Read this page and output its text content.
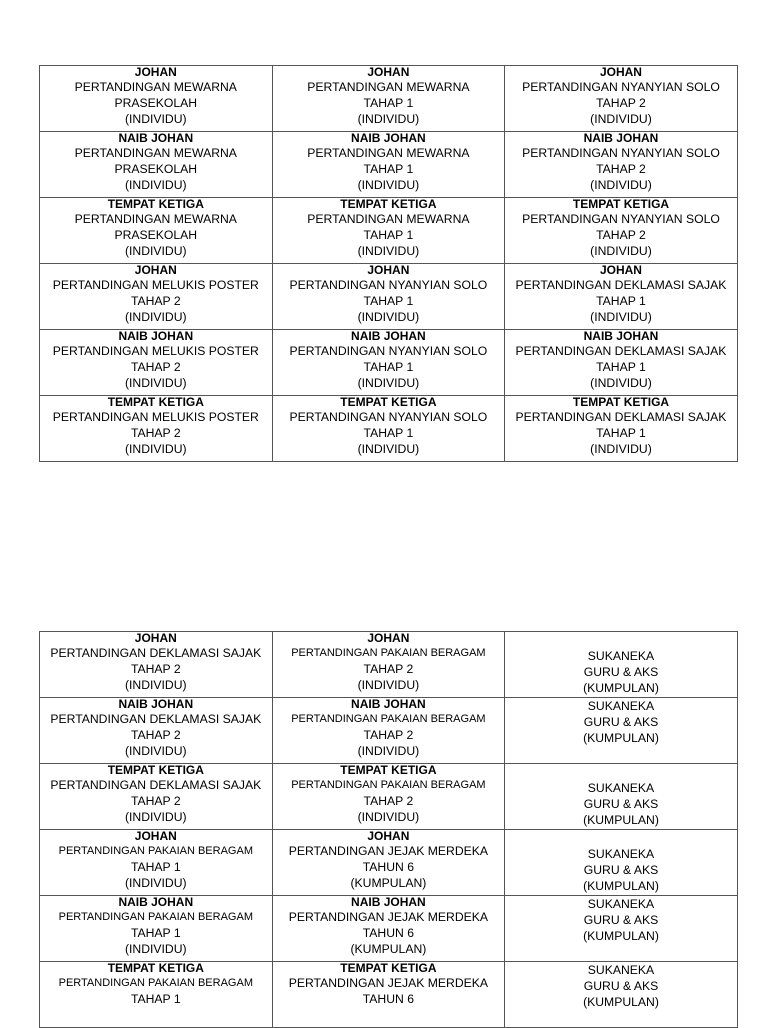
JOHAN
PERTANDINGAN MEWARNA
PRASEKOLAH
(INDIVIDU)	JOHAN
PERTANDINGAN MEWARNA
TAHAP 1
(INDIVIDU)	JOHAN
PERTANDINGAN NYANYIAN SOLO
TAHAP 2
(INDIVIDU)

NAIB JOHAN
PERTANDINGAN MEWARNA
PRASEKOLAH
(INDIVIDU)	NAIB JOHAN
PERTANDINGAN MEWARNA
TAHAP 1
(INDIVIDU)	NAIB JOHAN
PERTANDINGAN NYANYIAN SOLO
TAHAP 2
(INDIVIDU)

TEMPAT KETIGA
PERTANDINGAN MEWARNA
PRASEKOLAH
(INDIVIDU)	TEMPAT KETIGA
PERTANDINGAN MEWARNA
TAHAP 1
(INDIVIDU)	TEMPAT KETIGA
PERTANDINGAN NYANYIAN SOLO
TAHAP 2
(INDIVIDU)

JOHAN
PERTANDINGAN MELUKIS POSTER
TAHAP 2
(INDIVIDU)	JOHAN
PERTANDINGAN NYANYIAN SOLO
TAHAP 1
(INDIVIDU)	JOHAN
PERTANDINGAN DEKLAMASI SAJAK
TAHAP 1
(INDIVIDU)

NAIB JOHAN
PERTANDINGAN MELUKIS POSTER
TAHAP 2
(INDIVIDU)	NAIB JOHAN
PERTANDINGAN NYANYIAN SOLO
TAHAP 1
(INDIVIDU)	NAIB JOHAN
PERTANDINGAN DEKLAMASI SAJAK
TAHAP 1
(INDIVIDU)

TEMPAT KETIGA
PERTANDINGAN MELUKIS POSTER
TAHAP 2
(INDIVIDU)	TEMPAT KETIGA
PERTANDINGAN NYANYIAN SOLO
TAHAP 1
(INDIVIDU)	TEMPAT KETIGA
PERTANDINGAN DEKLAMASI SAJAK
TAHAP 1
(INDIVIDU)
JOHAN
PERTANDINGAN DEKLAMASI SAJAK
TAHAP 2
(INDIVIDU)	JOHAN
PERTANDINGAN PAKAIAN BERAGAM
TAHAP 2
(INDIVIDU)	SUKANEKA
GURU & AKS
(KUMPULAN)

NAIB JOHAN
PERTANDINGAN DEKLAMASI SAJAK
TAHAP 2
(INDIVIDU)	NAIB JOHAN
PERTANDINGAN PAKAIAN BERAGAM
TAHAP 2
(INDIVIDU)	SUKANEKA
GURU & AKS
(KUMPULAN)

TEMPAT KETIGA
PERTANDINGAN DEKLAMASI SAJAK
TAHAP 2
(INDIVIDU)	TEMPAT KETIGA
PERTANDINGAN PAKAIAN BERAGAM
TAHAP 2
(INDIVIDU)	SUKANEKA
GURU & AKS
(KUMPULAN)

JOHAN
PERTANDINGAN PAKAIAN BERAGAM
TAHAP 1
(INDIVIDU)	JOHAN
PERTANDINGAN JEJAK MERDEKA
TAHUN 6
(KUMPULAN)	SUKANEKA
GURU & AKS
(KUMPULAN)

NAIB JOHAN
PERTANDINGAN PAKAIAN BERAGAM
TAHAP 1
(INDIVIDU)	NAIB JOHAN
PERTANDINGAN JEJAK MERDEKA
TAHUN 6
(KUMPULAN)	SUKANEKA
GURU & AKS
(KUMPULAN)

TEMPAT KETIGA
PERTANDINGAN PAKAIAN BERAGAM
TAHAP 1	TEMPAT KETIGA
PERTANDINGAN JEJAK MERDEKA
TAHUN 6	SUKANEKA
GURU & AKS
(KUMPULAN)
